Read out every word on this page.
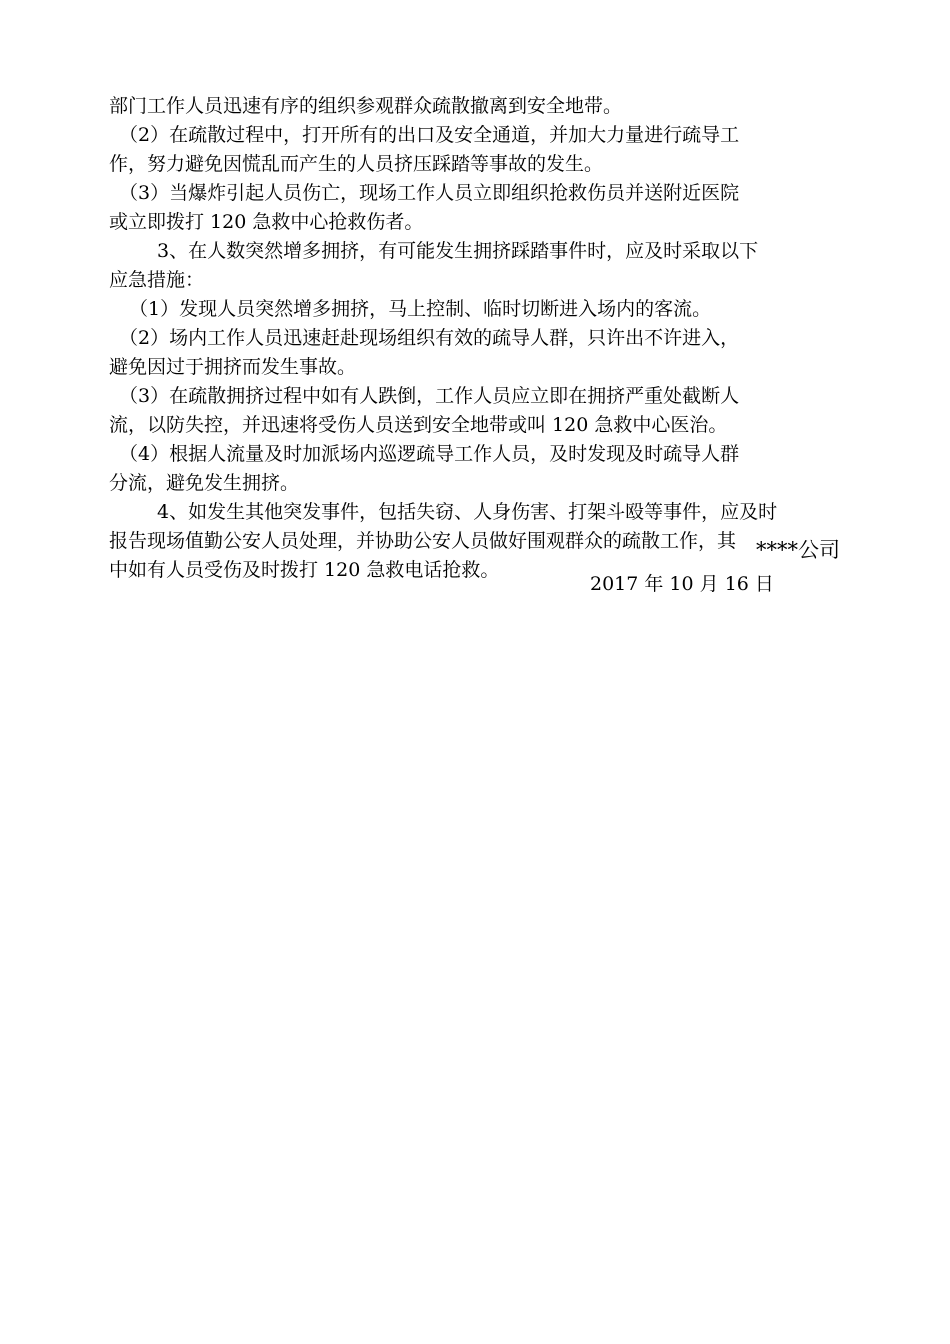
部门工作人员迅速有序的组织参观群众疏散撤离到安全地带。
（2）在疏散过程中，打开所有的出口及安全通道，并加大力量进行疏导工
作，努力避免因慌乱而产生的人员挤压踩踏等事故的发生。
（3）当爆炸引起人员伤亡，现场工作人员立即组织抢救伤员并送附近医院
或立即拨打 120 急救中心抢救伤者。
3、在人数突然增多拥挤，有可能发生拥挤踩踏事件时，应及时采取以下
应急措施：
（1）发现人员突然增多拥挤，马上控制、临时切断进入场内的客流。
（2）场内工作人员迅速赶赴现场组织有效的疏导人群，只许出不许进入，
避免因过于拥挤而发生事故。
（3）在疏散拥挤过程中如有人跌倒，工作人员应立即在拥挤严重处截断人
流，以防失控，并迅速将受伤人员送到安全地带或叫 120 急救中心医治。
（4）根据人流量及时加派场内巡逻疏导工作人员，及时发现及时疏导人群
分流，避免发生拥挤。
4、如发生其他突发事件，包括失窃、人身伤害、打架斗殴等事件，应及时
报告现场值勤公安人员处理，并协助公安人员做好围观群众的疏散工作，其
中如有人员受伤及时拨打 120 急救电话抢救。
****公司
2017 年 10 月 16 日
